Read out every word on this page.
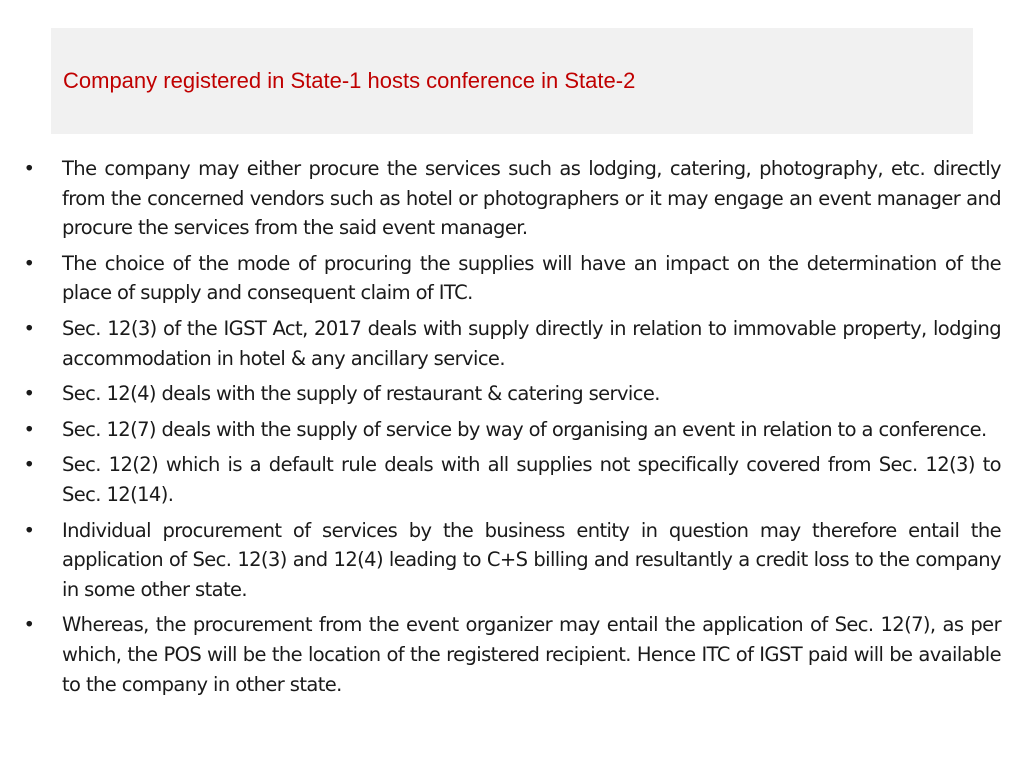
Company registered in State-1 hosts conference in State-2
• The company may either procure the services such as lodging, catering, photography, etc. directly from the concerned vendors such as hotel or photographers or it may engage an event manager and procure the services from the said event manager.
• The choice of the mode of procuring the supplies will have an impact on the determination of the place of supply and consequent claim of ITC.
• Sec. 12(3) of the IGST Act, 2017 deals with supply directly in relation to immovable property, lodging accommodation in hotel & any ancillary service.
• Sec. 12(4) deals with the supply of restaurant & catering service.
• Sec. 12(7) deals with the supply of service by way of organising an event in relation to a conference.
• Sec. 12(2) which is a default rule deals with all supplies not specifically covered from Sec. 12(3) to Sec. 12(14).
• Individual procurement of services by the business entity in question may therefore entail the application of Sec. 12(3) and 12(4) leading to C+S billing and resultantly a credit loss to the company in some other state.
• Whereas, the procurement from the event organizer may entail the application of Sec. 12(7), as per which, the POS will be the location of the registered recipient. Hence ITC of IGST paid will be available to the company in other state.
